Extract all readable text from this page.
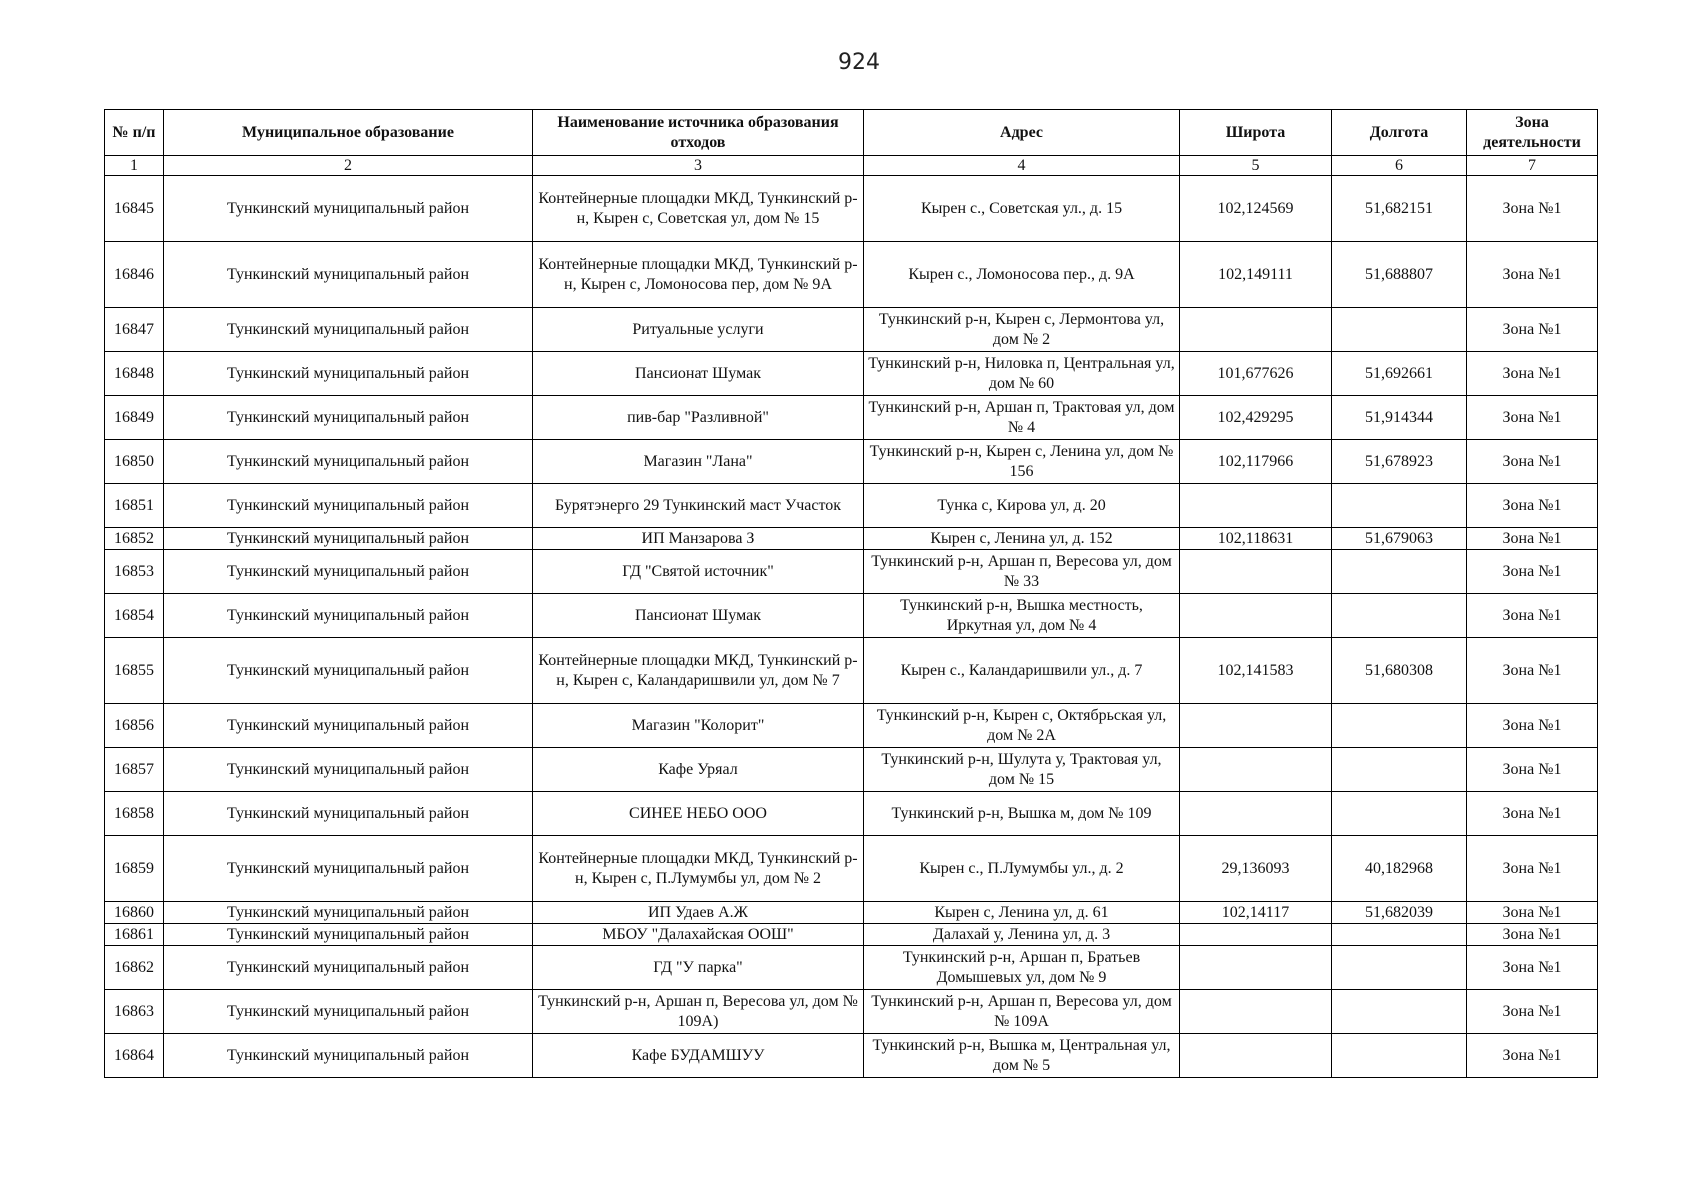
924
№ п/п	Муниципальное образование	Наименование источника образования отходов	Адрес	Широта	Долгота	Зона деятельности
1	2	3	4	5	6	7
16845	Тункинский муниципальный район	Контейнерные площадки МКД, Тункинский р-н, Кырен с, Советская ул, дом № 15	Кырен с., Советская ул., д. 15	102,124569	51,682151	Зона №1
16846	Тункинский муниципальный район	Контейнерные площадки МКД, Тункинский р-н, Кырен с, Ломоносова пер, дом № 9А	Кырен с., Ломоносова пер., д. 9А	102,149111	51,688807	Зона №1
16847	Тункинский муниципальный район	Ритуальные услуги	Тункинский р-н, Кырен с, Лермонтова ул, дом № 2			Зона №1
16848	Тункинский муниципальный район	Пансионат Шумак	Тункинский р-н, Ниловка п, Центральная ул, дом № 60	101,677626	51,692661	Зона №1
16849	Тункинский муниципальный район	пив-бар "Разливной"	Тункинский р-н, Аршан п, Трактовая ул, дом № 4	102,429295	51,914344	Зона №1
16850	Тункинский муниципальный район	Магазин "Лана"	Тункинский р-н, Кырен с, Ленина ул, дом № 156	102,117966	51,678923	Зона №1
16851	Тункинский муниципальный район	Бурятэнерго 29 Тункинский маст Участок	Тунка с, Кирова ул, д. 20			Зона №1
16852	Тункинский муниципальный район	ИП Манзарова З	Кырен с, Ленина ул, д. 152	102,118631	51,679063	Зона №1
16853	Тункинский муниципальный район	ГД "Святой источник"	Тункинский р-н, Аршан п, Вересова ул, дом № 33			Зона №1
16854	Тункинский муниципальный район	Пансионат Шумак	Тункинский р-н, Вышка местность, Иркутная ул, дом № 4			Зона №1
16855	Тункинский муниципальный район	Контейнерные площадки МКД, Тункинский р-н, Кырен с, Каландаришвили ул, дом № 7	Кырен с., Каландаришвили ул., д. 7	102,141583	51,680308	Зона №1
16856	Тункинский муниципальный район	Магазин "Колорит"	Тункинский р-н, Кырен с, Октябрьская ул, дом № 2А			Зона №1
16857	Тункинский муниципальный район	Кафе Уряал	Тункинский р-н, Шулута у, Трактовая ул, дом № 15			Зона №1
16858	Тункинский муниципальный район	СИНЕЕ НЕБО ООО	Тункинский р-н, Вышка м, дом № 109			Зона №1
16859	Тункинский муниципальный район	Контейнерные площадки МКД, Тункинский р-н, Кырен с, П.Лумумбы ул, дом № 2	Кырен с., П.Лумумбы ул., д. 2	29,136093	40,182968	Зона №1
16860	Тункинский муниципальный район	ИП Удаев А.Ж	Кырен с, Ленина ул, д. 61	102,14117	51,682039	Зона №1
16861	Тункинский муниципальный район	МБОУ "Далахайская ООШ"	Далахай у, Ленина ул, д. 3			Зона №1
16862	Тункинский муниципальный район	ГД "У парка"	Тункинский р-н, Аршан п, Братьев Домышевых ул, дом № 9			Зона №1
16863	Тункинский муниципальный район	Тункинский р-н, Аршан п, Вересова ул, дом № 109А)	Тункинский р-н, Аршан п, Вересова ул, дом № 109А			Зона №1
16864	Тункинский муниципальный район	Кафе БУДАМШУУ	Тункинский р-н, Вышка м, Центральная ул, дом № 5			Зона №1
